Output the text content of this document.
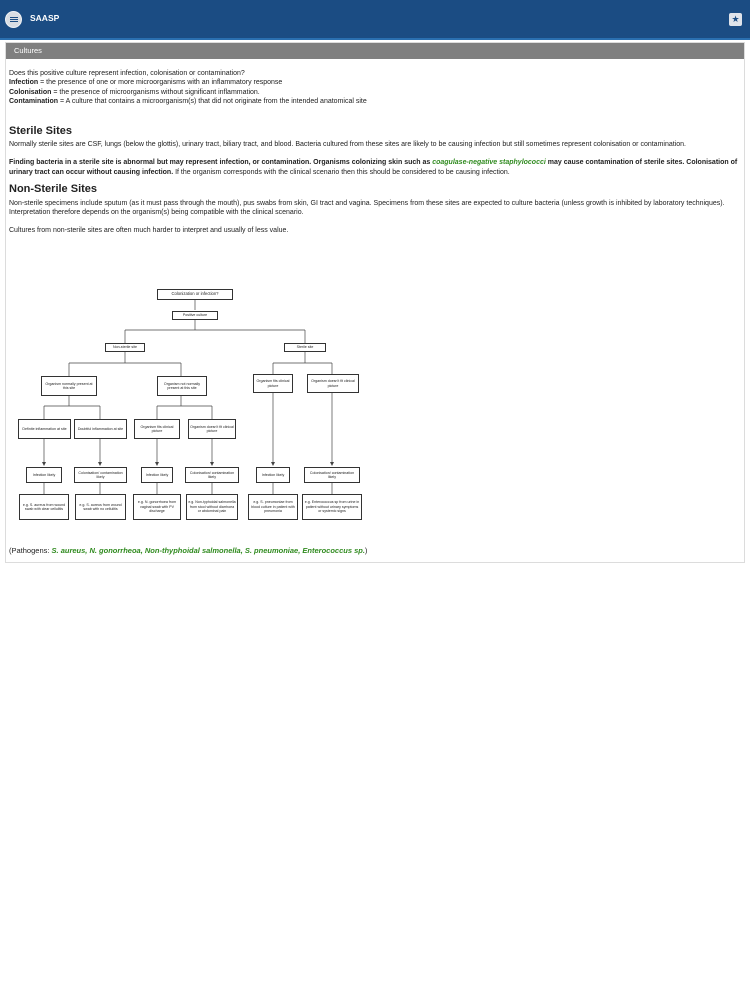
SAASP	★
Cultures

Does this positive culture represent infection, colonisation or contamination?

Infection = the presence of one or more microorganisms with an inflammatory response

Colonisation = the presence of microorganisms without significant inflammation.

Contamination = A culture that contains a microorganism(s) that did not originate from the intended anatomical site

Sterile Sites

Normally sterile sites are CSF, lungs (below the glottis), urinary tract, biliary tract, and blood. Bacteria cultured from these sites are likely to be causing infection but still sometimes represent colonisation or contamination.

Finding bacteria in a sterile site is abnormal but may represent infection, or contamination. Organisms colonizing skin such as coagulase-negative staphylococci may cause contamination of sterile sites. Colonisation of urinary tract can occur without causing infection. If the organism corresponds with the clinical scenario then this should be considered to be causing infection.

Non-Sterile Sites

Non-sterile specimens include sputum (as it must pass through the mouth), pus swabs from skin, GI tract and vagina. Specimens from these sites are expected to culture bacteria (unless growth is inhibited by laboratory techniques). Interpretation therefore depends on the organism(s) being compatible with the clinical scenario.

Cultures from non-sterile sites are often much harder to interpret and usually of less value.

Colonization or infection?
Positive culture
Non-sterile site	Sterile site
Organism normally present at this site
Organism not normally present at this site
Organism fits clinical picture
Organism doesn't fit clinical picture
Definite inflammation at site	Doubtful inflammation at site
Organism fits clinical picture
Organism doesn't fit clinical picture
Infection likely
Colonisation/ contamination likely
Infection likely
Colonisation/ contamination likely
Infection likely
Colonisation/ contamination likely
e.g. S. aureus from wound swab with clear cellulitis
e.g. S. aureus from wound swab with no cellulitis
e.g. N. gonorrhoea from vaginal swab with PV discharge
e.g. Non-typhoidal salmonella from stool without diarrhoea or abdominal pain
e.g. S. pneumoniae from blood culture in patient with pneumonia
e.g. Enterococcus sp from urine in patient without urinary symptoms or systemic signs
(Pathogens: S. aureus, N. gonorrheoa, Non-thyphoidal salmonella, S. pneumoniae, Enterococcus sp.)
